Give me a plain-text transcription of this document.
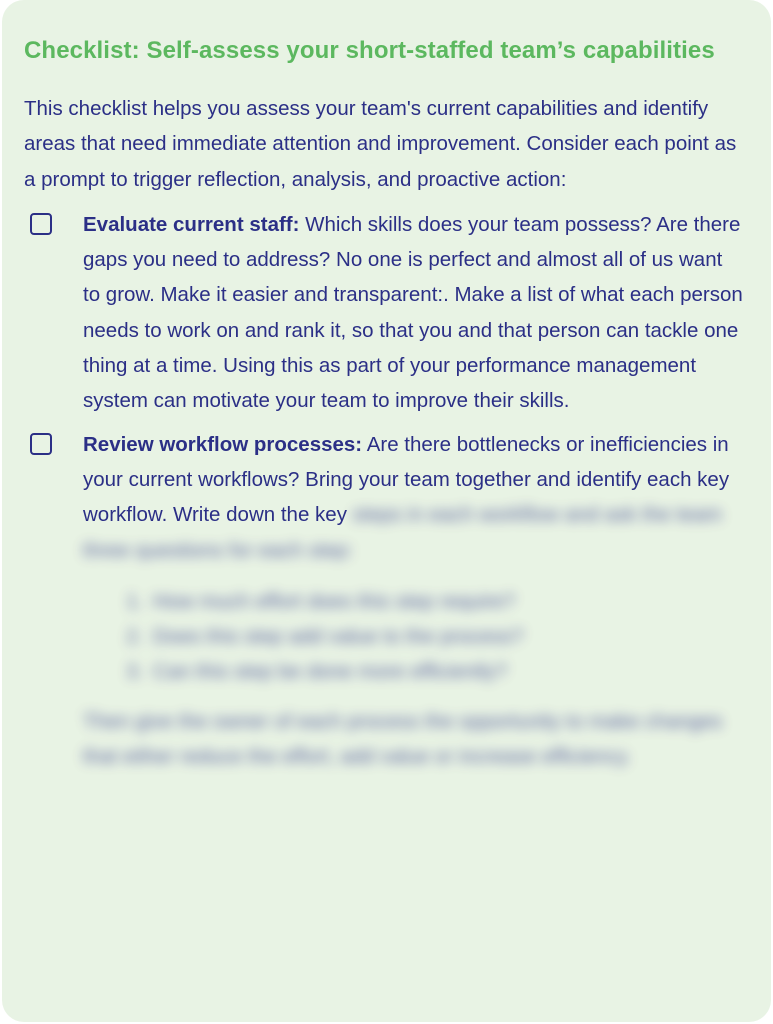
Checklist: Self-assess your short-staffed team’s capabilities

This checklist helps you assess your team's current capabilities and identify areas that need immediate attention and improvement. Consider each point as a prompt to trigger reflection, analysis, and proactive action:

Evaluate current staff: Which skills does your team possess? Are there gaps you need to address? No one is perfect and almost all of us want to grow. Make it easier and transparent:. Make a list of what each person needs to work on and rank it, so that you and that person can tackle one thing at a time. Using this as part of your performance management system can motivate your team to improve their skills.
Review workflow processes: Are there bottlenecks or inefficiencies in your current workflows? Bring your team together and identify each key workflow. Write down the key steps in each workflow and ask the team three questions for each step:
1. How much effort does this step require?
2. Does this step add value to the process?
3. Can this step be done more efficiently?

Then give the owner of each process the opportunity to make changes that either reduce the effort, add value or increase efficiency.
